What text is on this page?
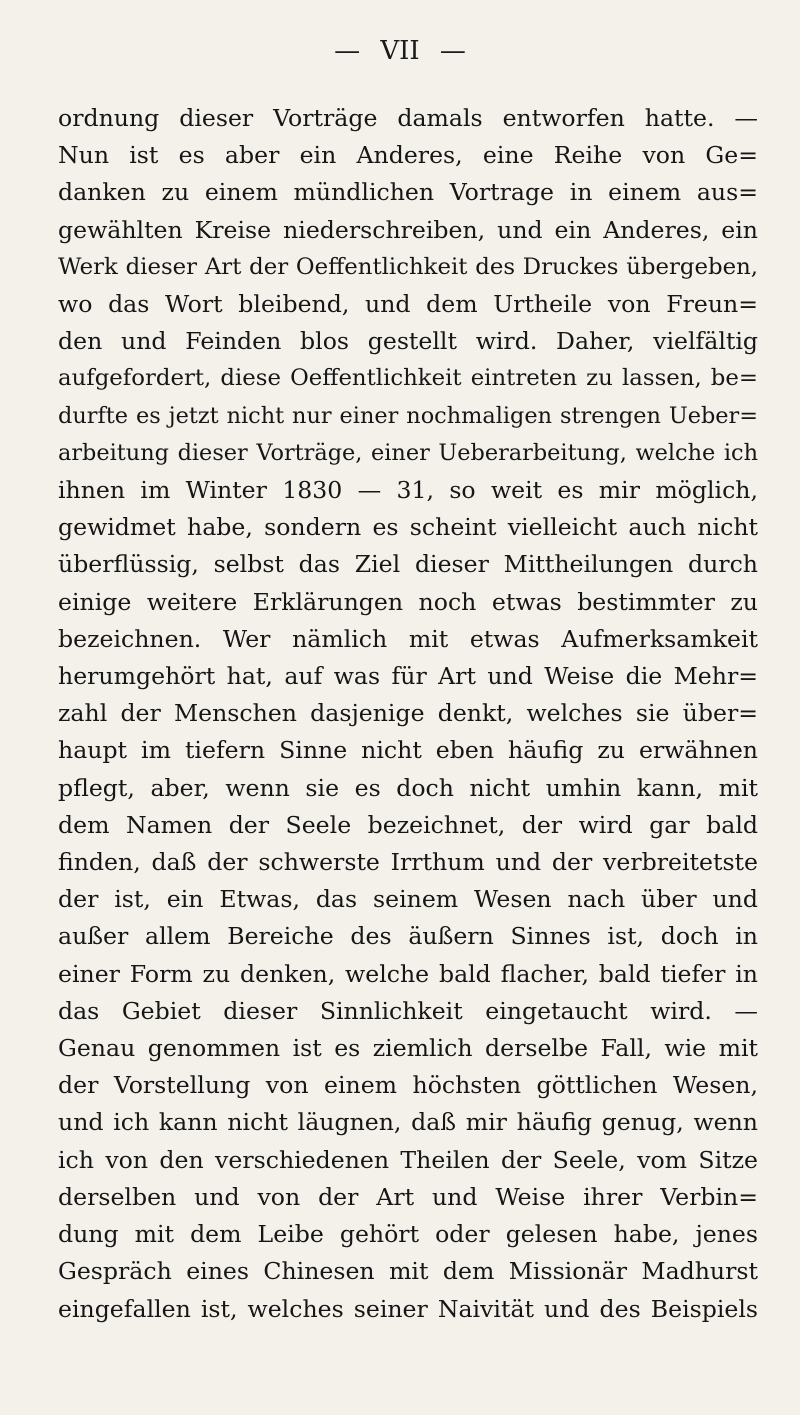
— VII —
ordnung dieser Vorträge damals entworfen hatte. —
Nun ist es aber ein Anderes, eine Reihe von Ge=
danken zu einem mündlichen Vortrage in einem aus=
gewählten Kreise niederschreiben, und ein Anderes, ein
Werk dieser Art der Oeffentlichkeit des Druckes übergeben,
wo das Wort bleibend, und dem Urtheile von Freun=
den und Feinden blos gestellt wird. Daher, vielfältig
aufgefordert, diese Oeffentlichkeit eintreten zu lassen, be=
durfte es jetzt nicht nur einer nochmaligen strengen Ueber=
arbeitung dieser Vorträge, einer Ueberarbeitung, welche ich
ihnen im Winter 1830 — 31, so weit es mir möglich,
gewidmet habe, sondern es scheint vielleicht auch nicht
überflüssig, selbst das Ziel dieser Mittheilungen durch
einige weitere Erklärungen noch etwas bestimmter zu
bezeichnen. Wer nämlich mit etwas Aufmerksamkeit
herumgehört hat, auf was für Art und Weise die Mehr=
zahl der Menschen dasjenige denkt, welches sie über=
haupt im tiefern Sinne nicht eben häufig zu erwähnen
pflegt, aber, wenn sie es doch nicht umhin kann, mit
dem Namen der Seele bezeichnet, der wird gar bald
finden, daß der schwerste Irrthum und der verbreitetste
der ist, ein Etwas, das seinem Wesen nach über und
außer allem Bereiche des äußern Sinnes ist, doch in
einer Form zu denken, welche bald flacher, bald tiefer in
das Gebiet dieser Sinnlichkeit eingetaucht wird. —
Genau genommen ist es ziemlich derselbe Fall, wie mit
der Vorstellung von einem höchsten göttlichen Wesen,
und ich kann nicht läugnen, daß mir häufig genug, wenn
ich von den verschiedenen Theilen der Seele, vom Sitze
derselben und von der Art und Weise ihrer Verbin=
dung mit dem Leibe gehört oder gelesen habe, jenes
Gespräch eines Chinesen mit dem Missionär Madhurst
eingefallen ist, welches seiner Naivität und des Beispiels
